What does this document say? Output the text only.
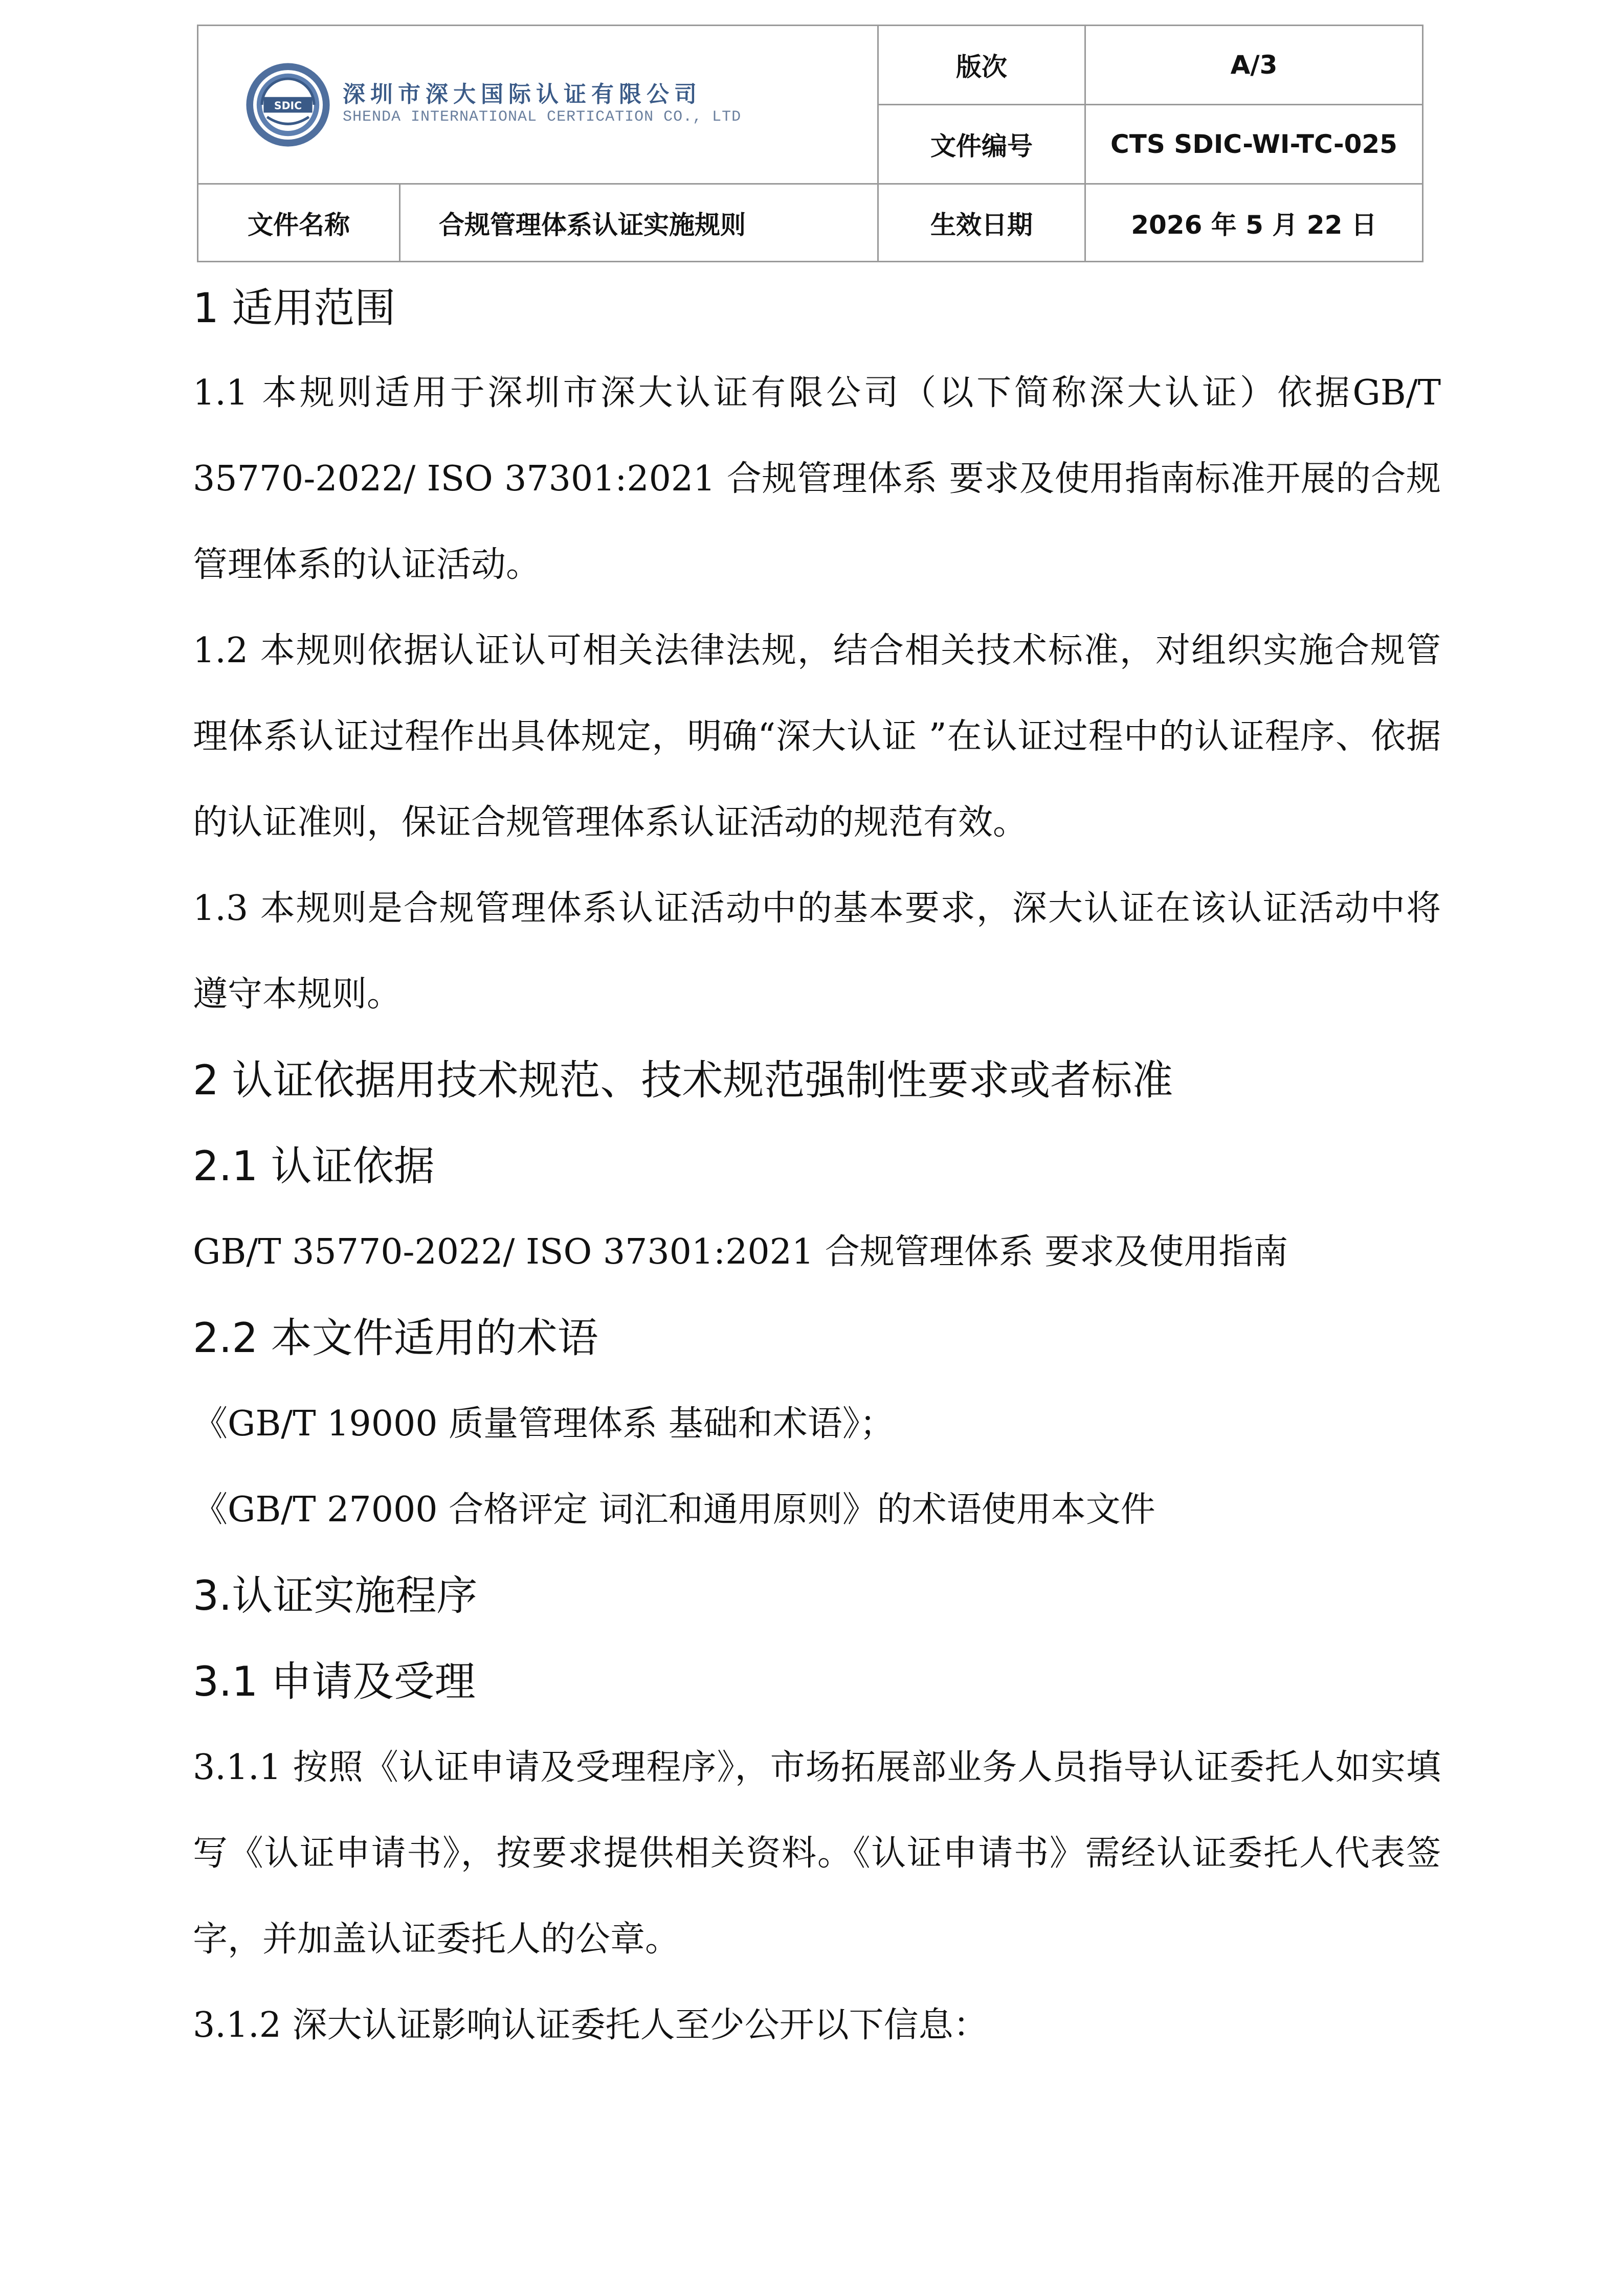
SDIC 深圳市深大国际认证有限公司
SHENDA INTERNATIONAL CERTICATION CO., LTD		版次	A/3
		文件编号	CTS SDIC-WI-TC-025
文件名称	合规管理体系认证实施规则	生效日期	2026 年 5 月 22 日
1 适用范围

1.1 本规则适用于深圳市深大认证有限公司（以下简称深大认证）依据GB/T 35770-2022/ ISO 37301:2021 合规管理体系 要求及使用指南标准开展的合规管理体系的认证活动。

1.2 本规则依据认证认可相关法律法规，结合相关技术标准，对组织实施合规管理体系认证过程作出具体规定，明确“深大认证 ”在认证过程中的认证程序、依据的认证准则，保证合规管理体系认证活动的规范有效。

1.3 本规则是合规管理体系认证活动中的基本要求，深大认证在该认证活动中将遵守本规则。

2 认证依据用技术规范、技术规范强制性要求或者标准
2.1 认证依据

GB/T 35770-2022/ ISO 37301:2021 合规管理体系 要求及使用指南

2.2 本文件适用的术语

《GB/T 19000 质量管理体系 基础和术语》；

《GB/T 27000 合格评定 词汇和通用原则》的术语使用本文件

3.认证实施程序
3.1 申请及受理

3.1.1 按照《认证申请及受理程序》，市场拓展部业务人员指导认证委托人如实填写《认证申请书》，按要求提供相关资料。《认证申请书》需经认证委托人代表签字，并加盖认证委托人的公章。

3.1.2 深大认证影响认证委托人至少公开以下信息：
